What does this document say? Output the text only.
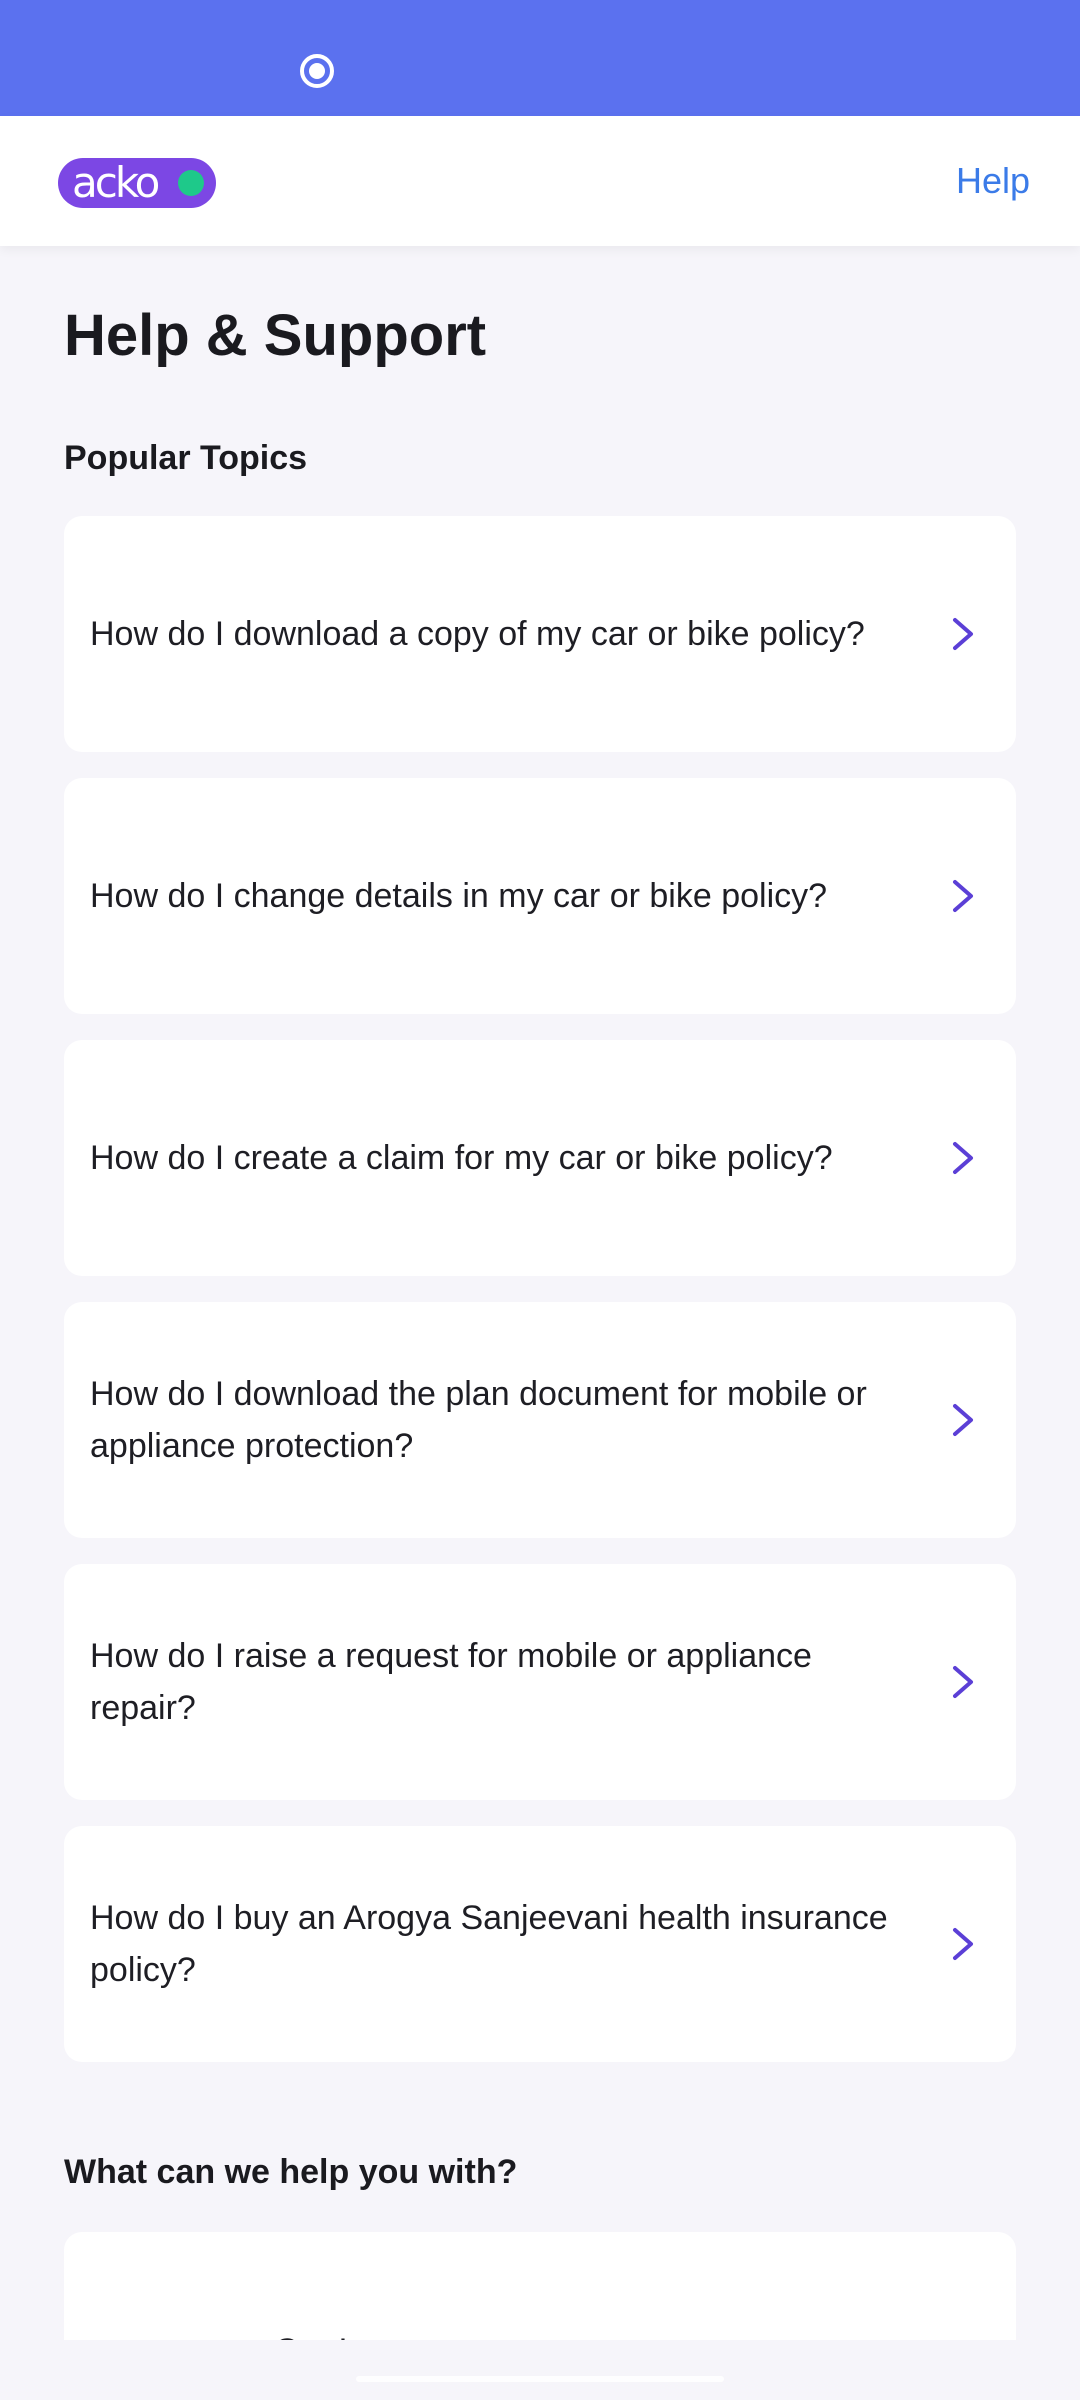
acko	Help
Help & Support
Popular Topics
How do I download a copy of my car or bike policy?
How do I change details in my car or bike policy?
How do I create a claim for my car or bike policy?
How do I download the plan document for mobile or appliance protection?
How do I raise a request for mobile or appliance repair?
How do I buy an Arogya Sanjeevani health insurance policy?
What can we help you with?
